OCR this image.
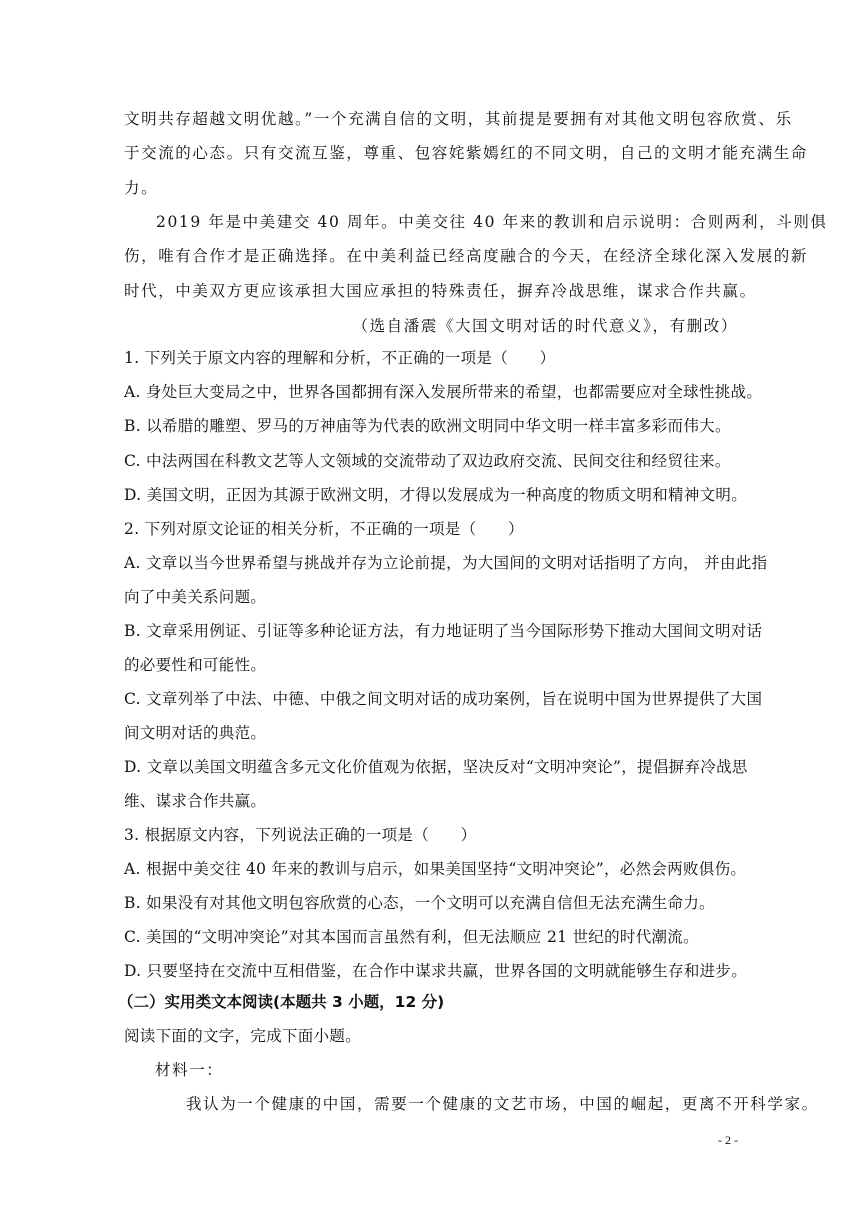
文明共存超越文明优越。”一个充满自信的文明，其前提是要拥有对其他文明包容欣赏、乐
于交流的心态。只有交流互鉴，尊重、包容姹紫嫣红的不同文明，自己的文明才能充满生命
力。
2019 年是中美建交 40 周年。中美交往 40 年来的教训和启示说明：合则两利，斗则俱
伤，唯有合作才是正确选择。在中美利益已经高度融合的今天，在经济全球化深入发展的新
时代，中美双方更应该承担大国应承担的特殊责任，摒弃冷战思维，谋求合作共赢。
（选自潘震《大国文明对话的时代意义》，有删改）
1. 下列关于原文内容的理解和分析，不正确的一项是（　　）
A. 身处巨大变局之中，世界各国都拥有深入发展所带来的希望，也都需要应对全球性挑战。
B. 以希腊的雕塑、罗马的万神庙等为代表的欧洲文明同中华文明一样丰富多彩而伟大。
C. 中法两国在科教文艺等人文领域的交流带动了双边政府交流、民间交往和经贸往来。
D. 美国文明，正因为其源于欧洲文明，才得以发展成为一种高度的物质文明和精神文明。
2. 下列对原文论证的相关分析，不正确的一项是（　　）
A. 文章以当今世界希望与挑战并存为立论前提，为大国间的文明对话指明了方向， 并由此指
向了中美关系问题。
B. 文章采用例证、引证等多种论证方法，有力地证明了当今国际形势下推动大国间文明对话
的必要性和可能性。
C. 文章列举了中法、中德、中俄之间文明对话的成功案例，旨在说明中国为世界提供了大国
间文明对话的典范。
D. 文章以美国文明蕴含多元文化价值观为依据，坚决反对“文明冲突论”，提倡摒弃冷战思
维、谋求合作共赢。
3. 根据原文内容，下列说法正确的一项是（　　）
A. 根据中美交往 40 年来的教训与启示，如果美国坚持“文明冲突论”，必然会两败俱伤。
B. 如果没有对其他文明包容欣赏的心态，一个文明可以充满自信但无法充满生命力。
C. 美国的“文明冲突论”对其本国而言虽然有利，但无法顺应 21 世纪的时代潮流。
D. 只要坚持在交流中互相借鉴，在合作中谋求共赢，世界各国的文明就能够生存和进步。
（二）实用类文本阅读(本题共 3 小题，12 分)
阅读下面的文字，完成下面小题。
材料一：
我认为一个健康的中国，需要一个健康的文艺市场，中国的崛起，更离不开科学家。
- 2 -
